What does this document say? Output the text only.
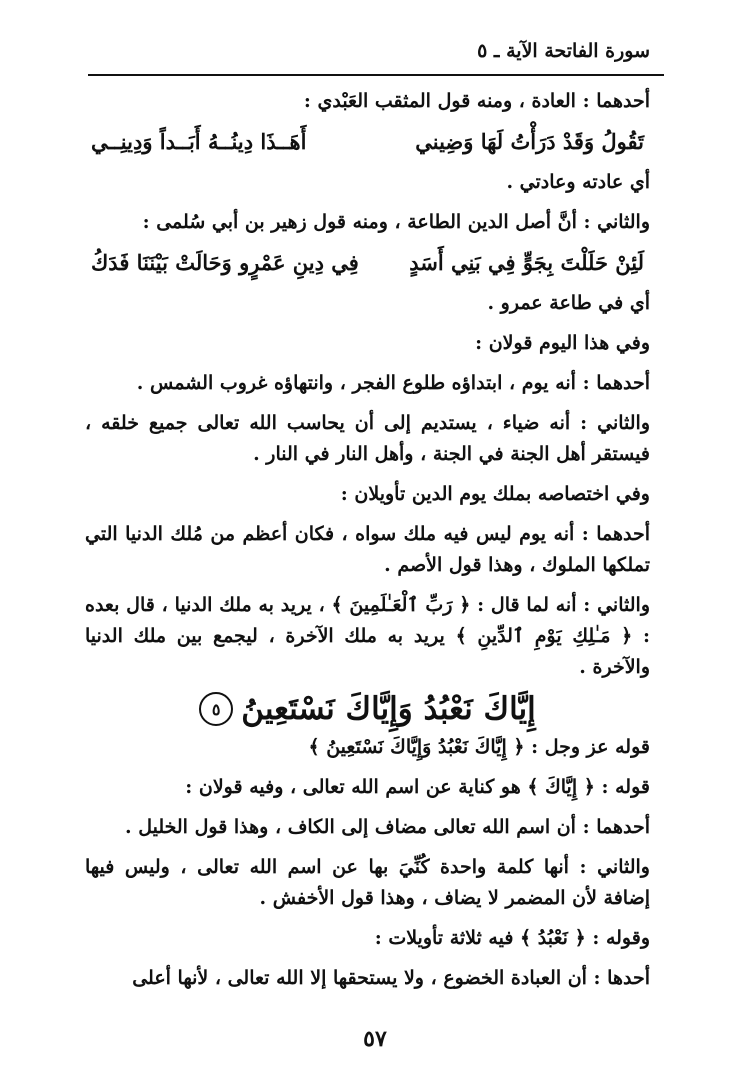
سورة الفاتحة الآية ـ ٥

أحدهما : العادة ، ومنه قول المثقب العَبْدي :

تَقُولُ وَقَدْ دَرَأْتُ لَهَا وَضِيني
أَهَــذَا دِينُــهُ أَبَــداً وَدِينِــي

أي عادته وعادتي .

والثاني : أنَّ أصل الدين الطاعة ، ومنه قول زهير بن أبي سُلمى :

لَئِنْ حَلَلْتَ بِجَوٍّ فِي بَنِي أَسَدٍ
فِي دِينِ عَمْرٍو وَحَالَتْ بَيْنَنَا فَدَكُ

أي في طاعة عمرو .

وفي هذا اليوم قولان :

أحدهما : أنه يوم ، ابتداؤه طلوع الفجر ، وانتهاؤه غروب الشمس .

والثاني : أنه ضياء ، يستديم إلى أن يحاسب الله تعالى جميع خلقه ، فيستقر أهل الجنة في الجنة ، وأهل النار في النار .

وفي اختصاصه بملك يوم الدين تأويلان :

أحدهما : أنه يوم ليس فيه ملك سواه ، فكان أعظم من مُلك الدنيا التي تملكها الملوك ، وهذا قول الأصم .

والثاني : أنه لما قال : ﴿ رَبِّ ٱلْعَـٰلَمِينَ ﴾ ، يريد به ملك الدنيا ، قال بعده : ﴿ مَـٰلِكِ يَوْمِ ٱلدِّينِ ﴾ يريد به ملك الآخرة ، ليجمع بين ملك الدنيا والآخرة .

إِيَّاكَ نَعْبُدُ وَإِيَّاكَ نَسْتَعِينُ
٥

قوله عز وجل : ﴿ إِيَّاكَ نَعْبُدُ وَإِيَّاكَ نَسْتَعِينُ ﴾

قوله : ﴿ إِيَّاكَ ﴾ هو كناية عن اسم الله تعالى ، وفيه قولان :

أحدهما : أن اسم الله تعالى مضاف إلى الكاف ، وهذا قول الخليل .

والثاني : أنها كلمة واحدة كُنِّيَ بها عن اسم الله تعالى ، وليس فيها إضافة لأن المضمر لا يضاف ، وهذا قول الأخفش .

وقوله : ﴿ نَعْبُدُ ﴾ فيه ثلاثة تأويلات :

أحدها : أن العبادة الخضوع ، ولا يستحقها إلا الله تعالى ، لأنها أعلى

٥٧
